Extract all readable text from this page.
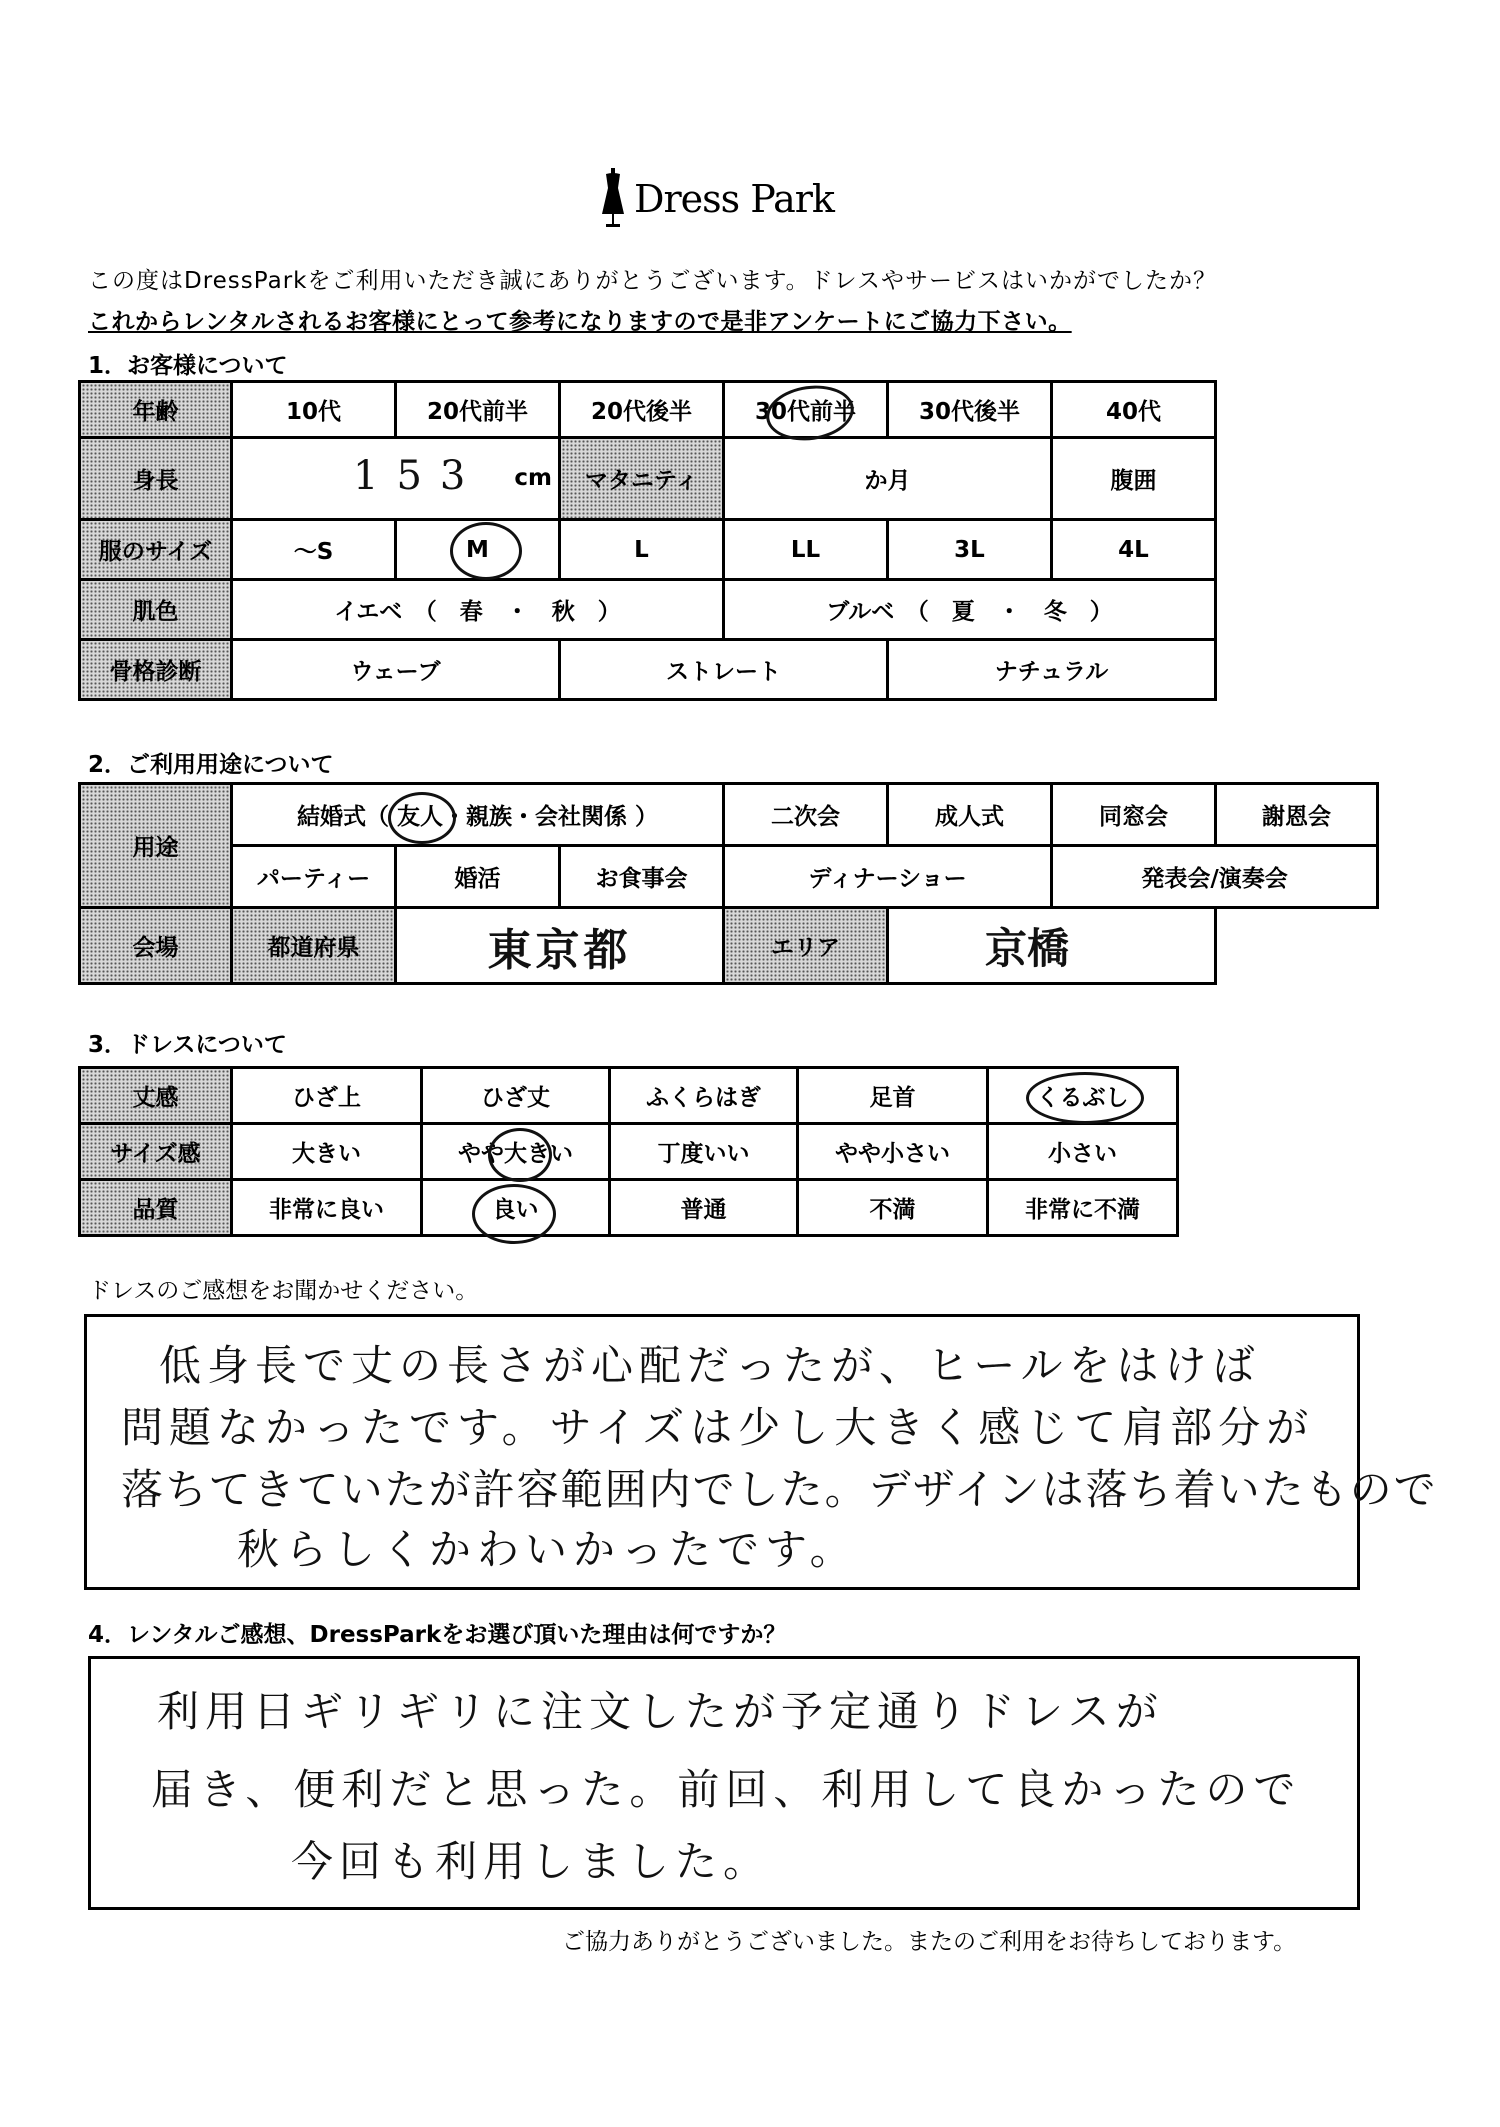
Dress Park
この度はDressParkをご利用いただき誠にありがとうございます。ドレスやサービスはいかがでしたか？
これからレンタルされるお客様にとって参考になりますので是非アンケートにご協力下さい。
1．お客様について
年齢	10代	20代前半	20代後半	30代前半	30代後半	40代	
身長	153 cm		マタニティ	か月		腹囲	
服のサイズ	～S	M	L	LL	3L	4L	
肌色	イエベ　（　春　・　秋　）			ブルベ　（　夏　・　冬　）			
骨格診断	ウェーブ		ストレート		ナチュラル		
2．ご利用用途について
用途	結婚式（ 友人・親族・会社関係 ）			二次会	成人式	同窓会	謝恩会
	パーティー	婚活	お食事会	ディナーショー		発表会/演奏会	
会場	都道府県	東京都		エリア	京橋		
3．ドレスについて
丈感	ひざ上	ひざ丈	ふくらはぎ	足首	くるぶし
サイズ感	大きい	やや大きい	丁度いい	やや小さい	小さい
品質	非常に良い	良い	普通	不満	非常に不満
ドレスのご感想をお聞かせください。
低身長で丈の長さが心配だったが、ヒールをはけば
問題なかったです。サイズは少し大きく感じて肩部分が
落ちてきていたが許容範囲内でした。デザインは落ち着いたもので
秋らしくかわいかったです。
4．レンタルご感想、DressParkをお選び頂いた理由は何ですか？
利用日ギリギリに注文したが予定通りドレスが
届き、便利だと思った。前回、利用して良かったので
今回も利用しました。
ご協力ありがとうございました。またのご利用をお待ちしております。
